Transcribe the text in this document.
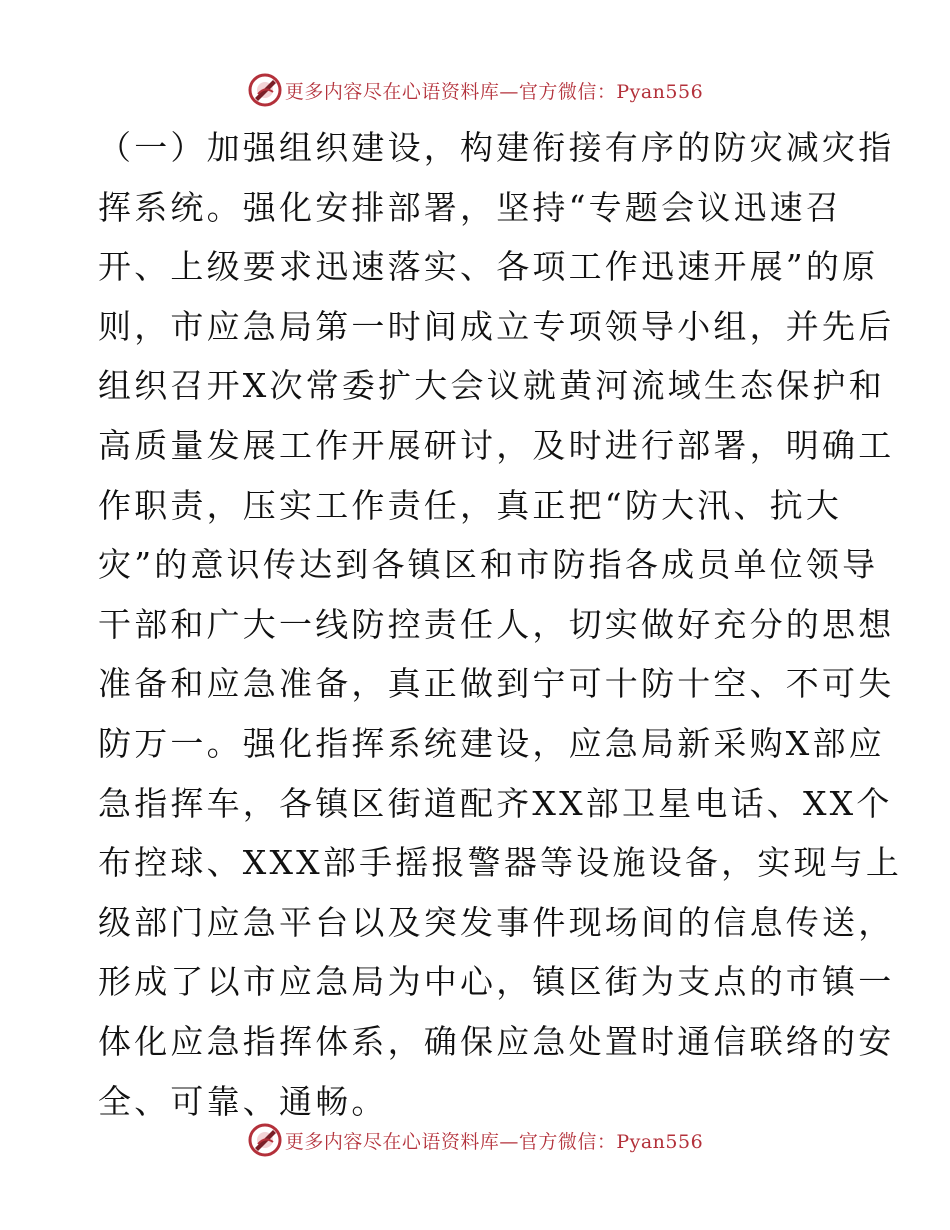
更多内容尽在心语资料库—官方微信：Pyan556
（一）加强组织建设，构建衔接有序的防灾减灾指
挥系统。强化安排部署，坚持“专题会议迅速召
开、上级要求迅速落实、各项工作迅速开展”的原
则，市应急局第一时间成立专项领导小组，并先后
组织召开X次常委扩大会议就黄河流域生态保护和
高质量发展工作开展研讨，及时进行部署，明确工
作职责，压实工作责任，真正把“防大汛、抗大
灾”的意识传达到各镇区和市防指各成员单位领导
干部和广大一线防控责任人，切实做好充分的思想
准备和应急准备，真正做到宁可十防十空、不可失
防万一。强化指挥系统建设，应急局新采购X部应
急指挥车，各镇区街道配齐XX部卫星电话、XX个
布控球、XXX部手摇报警器等设施设备，实现与上
级部门应急平台以及突发事件现场间的信息传送，
形成了以市应急局为中心，镇区街为支点的市镇一
体化应急指挥体系，确保应急处置时通信联络的安
全、可靠、通畅。
更多内容尽在心语资料库—官方微信：Pyan556
